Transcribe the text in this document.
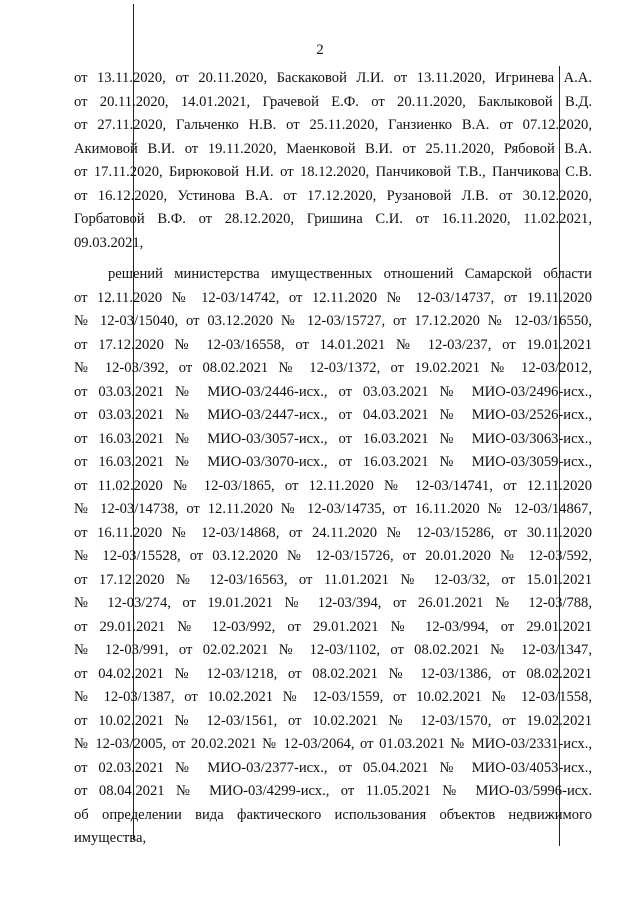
2
от 13.11.2020, от 20.11.2020, Баскаковой Л.И. от 13.11.2020, Игринева А.А.
от 20.11.2020, 14.01.2021, Грачевой Е.Ф. от 20.11.2020, Баклыковой В.Д.
от 27.11.2020, Гальченко Н.В. от 25.11.2020, Ганзиенко В.А. от 07.12.2020,
Акимовой В.И. от 19.11.2020, Маенковой В.И. от 25.11.2020, Рябовой В.А.
от 17.11.2020, Бирюковой Н.И. от 18.12.2020, Панчиковой Т.В., Панчикова С.В.
от 16.12.2020, Устинова В.А. от 17.12.2020, Рузановой Л.В. от 30.12.2020,
Горбатовой В.Ф. от 28.12.2020, Гришина С.И. от 16.11.2020, 11.02.2021,
09.03.2021,
решений министерства имущественных отношений Самарской области
от 12.11.2020 № 12-03/14742, от 12.11.2020 № 12-03/14737, от 19.11.2020
№ 12-03/15040, от 03.12.2020 № 12-03/15727, от 17.12.2020 № 12-03/16550,
от 17.12.2020 № 12-03/16558, от 14.01.2021 № 12-03/237, от 19.01.2021
№ 12-03/392, от 08.02.2021 № 12-03/1372, от 19.02.2021 № 12-03/2012,
от 03.03.2021 № МИО-03/2446-исх., от 03.03.2021 № МИО-03/2496-исх.,
от 03.03.2021 № МИО-03/2447-исх., от 04.03.2021 № МИО-03/2526-исх.,
от 16.03.2021 № МИО-03/3057-исх., от 16.03.2021 № МИО-03/3063-исх.,
от 16.03.2021 № МИО-03/3070-исх., от 16.03.2021 № МИО-03/3059-исх.,
от 11.02.2020 № 12-03/1865, от 12.11.2020 № 12-03/14741, от 12.11.2020
№ 12-03/14738, от 12.11.2020 № 12-03/14735, от 16.11.2020 № 12-03/14867,
от 16.11.2020 № 12-03/14868, от 24.11.2020 № 12-03/15286, от 30.11.2020
№ 12-03/15528, от 03.12.2020 № 12-03/15726, от 20.01.2020 № 12-03/592,
от 17.12.2020 № 12-03/16563, от 11.01.2021 № 12-03/32, от 15.01.2021
№ 12-03/274, от 19.01.2021 № 12-03/394, от 26.01.2021 № 12-03/788,
от 29.01.2021 № 12-03/992, от 29.01.2021 № 12-03/994, от 29.01.2021
№ 12-03/991, от 02.02.2021 № 12-03/1102, от 08.02.2021 № 12-03/1347,
от 04.02.2021 № 12-03/1218, от 08.02.2021 № 12-03/1386, от 08.02.2021
№ 12-03/1387, от 10.02.2021 № 12-03/1559, от 10.02.2021 № 12-03/1558,
от 10.02.2021 № 12-03/1561, от 10.02.2021 № 12-03/1570, от 19.02.2021
№ 12-03/2005, от 20.02.2021 № 12-03/2064, от 01.03.2021 № МИО-03/2331-исх.,
от 02.03.2021 № МИО-03/2377-исх., от 05.04.2021 № МИО-03/4053-исх.,
от 08.04.2021 № МИО-03/4299-исх., от 11.05.2021 № МИО-03/5996-исх.
об определении вида фактического использования объектов недвижимого
имущества,
